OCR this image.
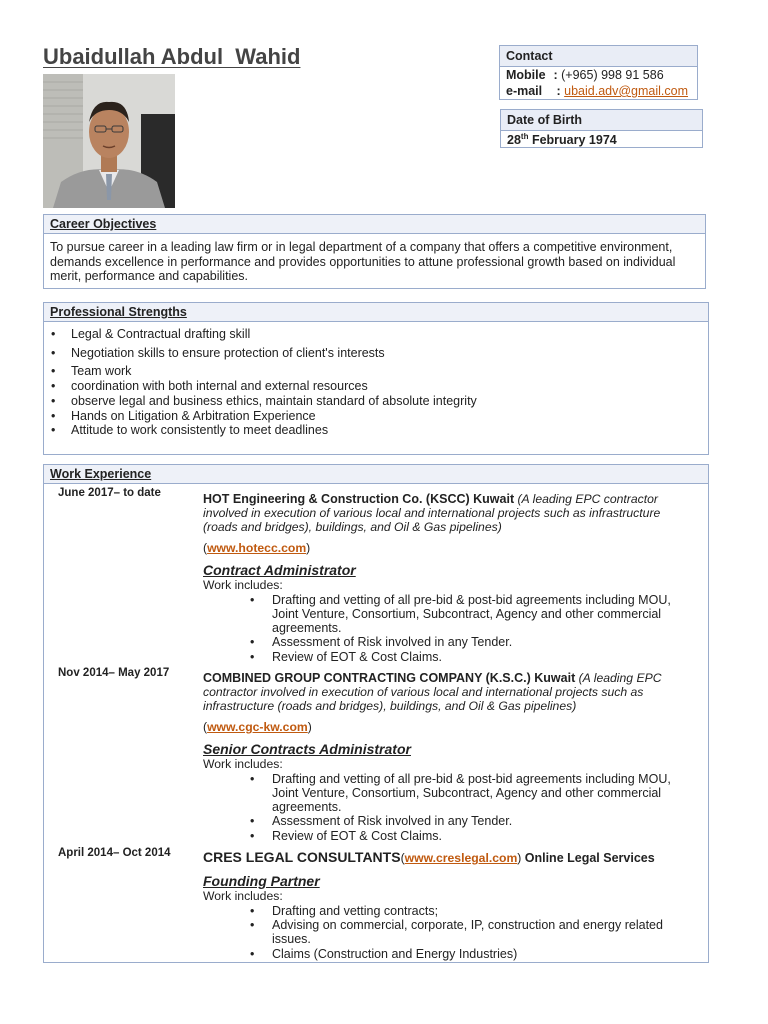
Ubaidullah Abdul  Wahid	Contact
Mobile : (+965) 998 91 586
e-mail : ubaid.adv@gmail.com
Date of Birth
28th February 1974
Career Objectives

To pursue career in a leading law firm or in legal department of a company that offers a competitive environment,
demands excellence in performance and provides opportunities to attune professional growth based on individual
merit, performance and capabilities.

Professional Strengths
• Legal & Contractual drafting skill
• Negotiation skills to ensure protection of client's interests
• Team work
• coordination with both internal and external resources
• observe legal and business ethics, maintain standard of absolute integrity
• Hands on Litigation & Arbitration Experience
• Attitude to work consistently to meet deadlines
Work Experience
June 2017– to date	HOT Engineering & Construction Co. (KSCC) Kuwait (A leading EPC contractor
involved in execution of various local and international projects such as infrastructure
(roads and bridges), buildings, and Oil & Gas pipelines)
(www.hotecc.com)
Contract Administrator
Work includes:
• Drafting and vetting of all pre-bid & post-bid agreements including MOU,
Joint Venture, Consortium, Subcontract, Agency and other commercial
agreements.
• Assessment of Risk involved in any Tender.
• Review of EOT & Cost Claims.
Nov 2014– May 2017	COMBINED GROUP CONTRACTING COMPANY (K.S.C.) Kuwait (A leading EPC
contractor involved in execution of various local and international projects such as
infrastructure (roads and bridges), buildings, and Oil & Gas pipelines)
(www.cgc-kw.com)
Senior Contracts Administrator
Work includes:
• Drafting and vetting of all pre-bid & post-bid agreements including MOU,
Joint Venture, Consortium, Subcontract, Agency and other commercial
agreements.
• Assessment of Risk involved in any Tender.
• Review of EOT & Cost Claims.
April 2014– Oct 2014 CRES LEGAL CONSULTANTS(www.creslegal.com) Online Legal Services
Founding Partner
Work includes:
• Drafting and vetting contracts;
• Advising on commercial, corporate, IP, construction and energy related
issues.
• Claims (Construction and Energy Industries)
